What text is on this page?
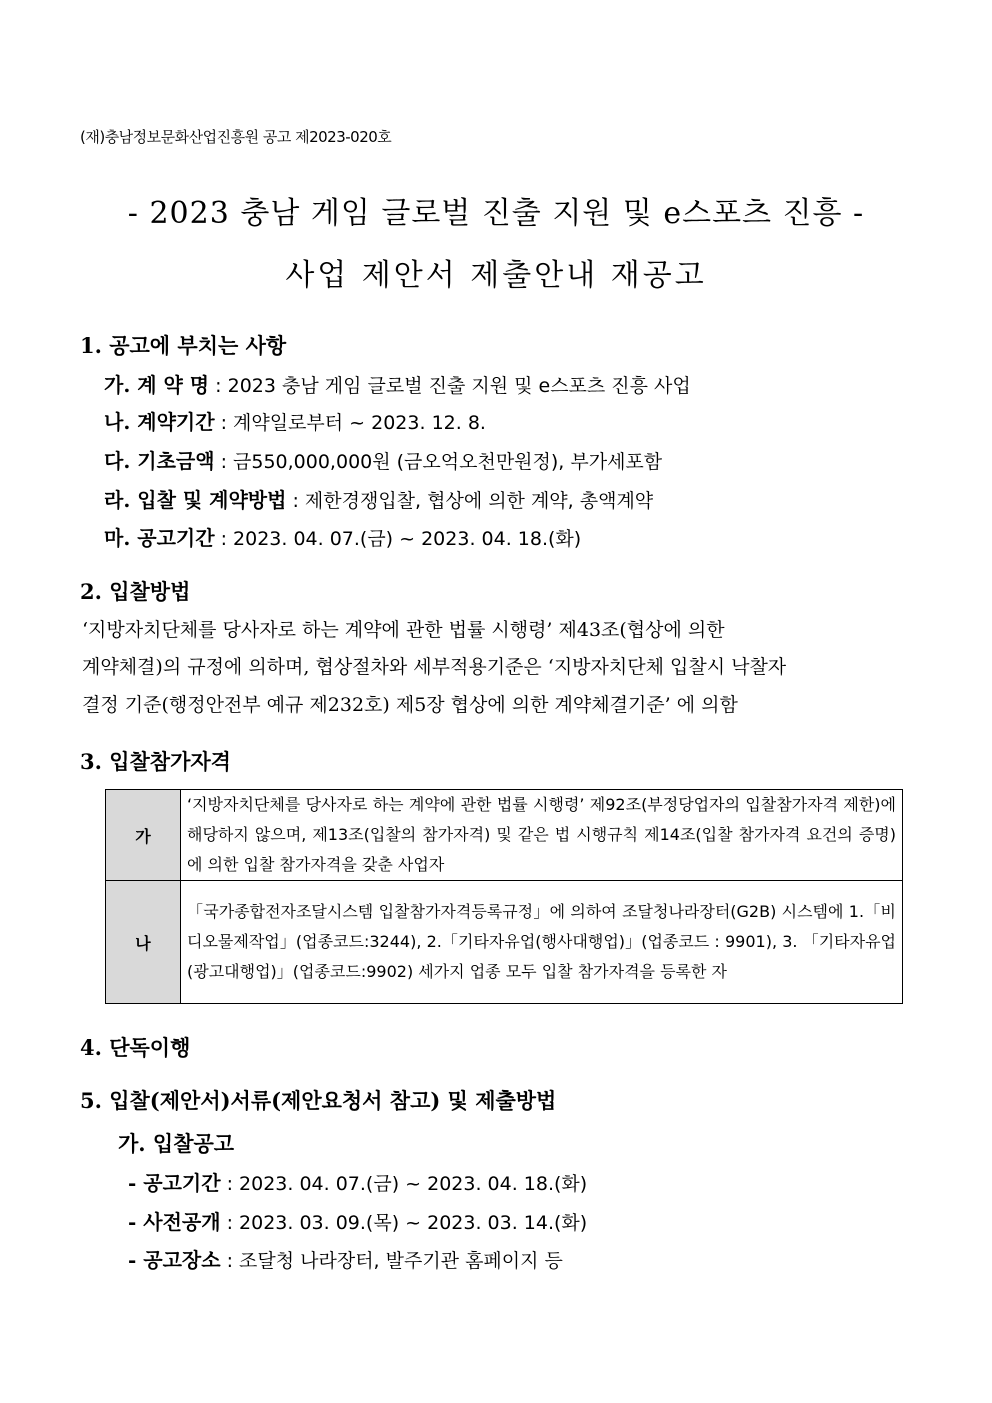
(재)충남정보문화산업진흥원 공고 제2023-020호
- 2023 충남 게임 글로벌 진출 지원 및 e스포츠 진흥 -
사업 제안서 제출안내 재공고
1. 공고에 부치는 사항
가. 계 약 명 : 2023 충남 게임 글로벌 진출 지원 및 e스포츠 진흥 사업
나. 계약기간 : 계약일로부터 ~ 2023. 12. 8.
다. 기초금액 : 금550,000,000원 (금오억오천만원정), 부가세포함
라. 입찰 및 계약방법 : 제한경쟁입찰, 협상에 의한 계약, 총액계약
마. 공고기간 : 2023. 04. 07.(금) ~ 2023. 04. 18.(화)
2. 입찰방법
‘지방자치단체를 당사자로 하는 계약에 관한 법률 시행령’ 제43조(협상에 의한
계약체결)의 규정에 의하며, 협상절차와 세부적용기준은 ‘지방자치단체 입찰시 낙찰자
결정 기준(행정안전부 예규 제232호) 제5장 협상에 의한 계약체결기준’ 에 의함
3. 입찰참가자격
가	‘지방자치단체를 당사자로 하는 계약에 관한 법률 시행령’ 제92조(부정당업자의 입찰참가자격 제한)에 해당하지 않으며, 제13조(입찰의 참가자격) 및 같은 법 시행규칙 제14조(입찰 참가자격 요건의 증명)에 의한 입찰 참가자격을 갖춘 사업자
나	「국가종합전자조달시스템 입찰참가자격등록규정」에 의하여 조달청나라장터(G2B) 시스템에 1.「비디오물제작업」(업종코드:3244), 2.「기타자유업(행사대행업)」(업종코드 : 9901), 3. 「기타자유업(광고대행업)」(업종코드:9902) 세가지 업종 모두 입찰 참가자격을 등록한 자
4. 단독이행
5. 입찰(제안서)서류(제안요청서 참고) 및 제출방법
가. 입찰공고
- 공고기간 : 2023. 04. 07.(금) ~ 2023. 04. 18.(화)
- 사전공개 : 2023. 03. 09.(목) ~ 2023. 03. 14.(화)
- 공고장소 : 조달청 나라장터, 발주기관 홈페이지 등
